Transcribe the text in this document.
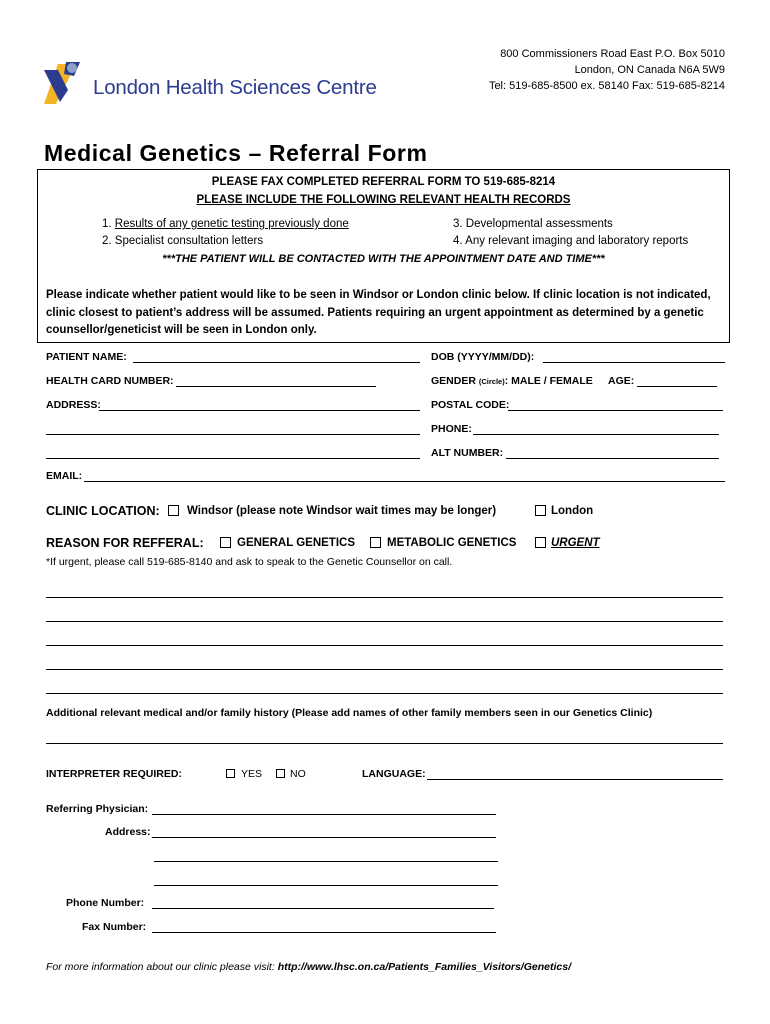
800 Commissioners Road East P.O. Box 5010
London, ON Canada N6A 5W9
Tel: 519-685-8500 ex. 58140 Fax: 519-685-8214
London Health Sciences Centre
Medical Genetics – Referral Form
PLEASE FAX COMPLETED REFERRAL FORM TO 519-685-8214
PLEASE INCLUDE THE FOLLOWING RELEVANT HEALTH RECORDS
1. Results of any genetic testing previously done
2. Specialist consultation letters
3. Developmental assessments
4. Any relevant imaging and laboratory reports
***THE PATIENT WILL BE CONTACTED WITH THE APPOINTMENT DATE AND TIME***
Please indicate whether patient would like to be seen in Windsor or London clinic below. If clinic location is not indicated, clinic closest to patient’s address will be assumed. Patients requiring an urgent appointment as determined by a genetic counsellor/geneticist will be seen in London only.
PATIENT NAME:	DOB (YYYY/MM/DD):
HEALTH CARD NUMBER:	GENDER (Circle): MALE / FEMALE AGE:
ADDRESS:	POSTAL CODE:
PHONE:
ALT NUMBER:
EMAIL:
CLINIC LOCATION: Windsor (please note Windsor wait times may be longer)	London
REASON FOR REFFERAL:	GENERAL GENETICS	METABOLIC GENETICS	URGENT
*If urgent, please call 519-685-8140 and ask to speak to the Genetic Counsellor on call.
Additional relevant medical and/or family history (Please add names of other family members seen in our Genetics Clinic)
INTERPRETER REQUIRED:	YES	NO	LANGUAGE:
Referring Physician:
Address:
Phone Number:
Fax Number:
For more information about our clinic please visit: http://www.lhsc.on.ca/Patients_Families_Visitors/Genetics/
